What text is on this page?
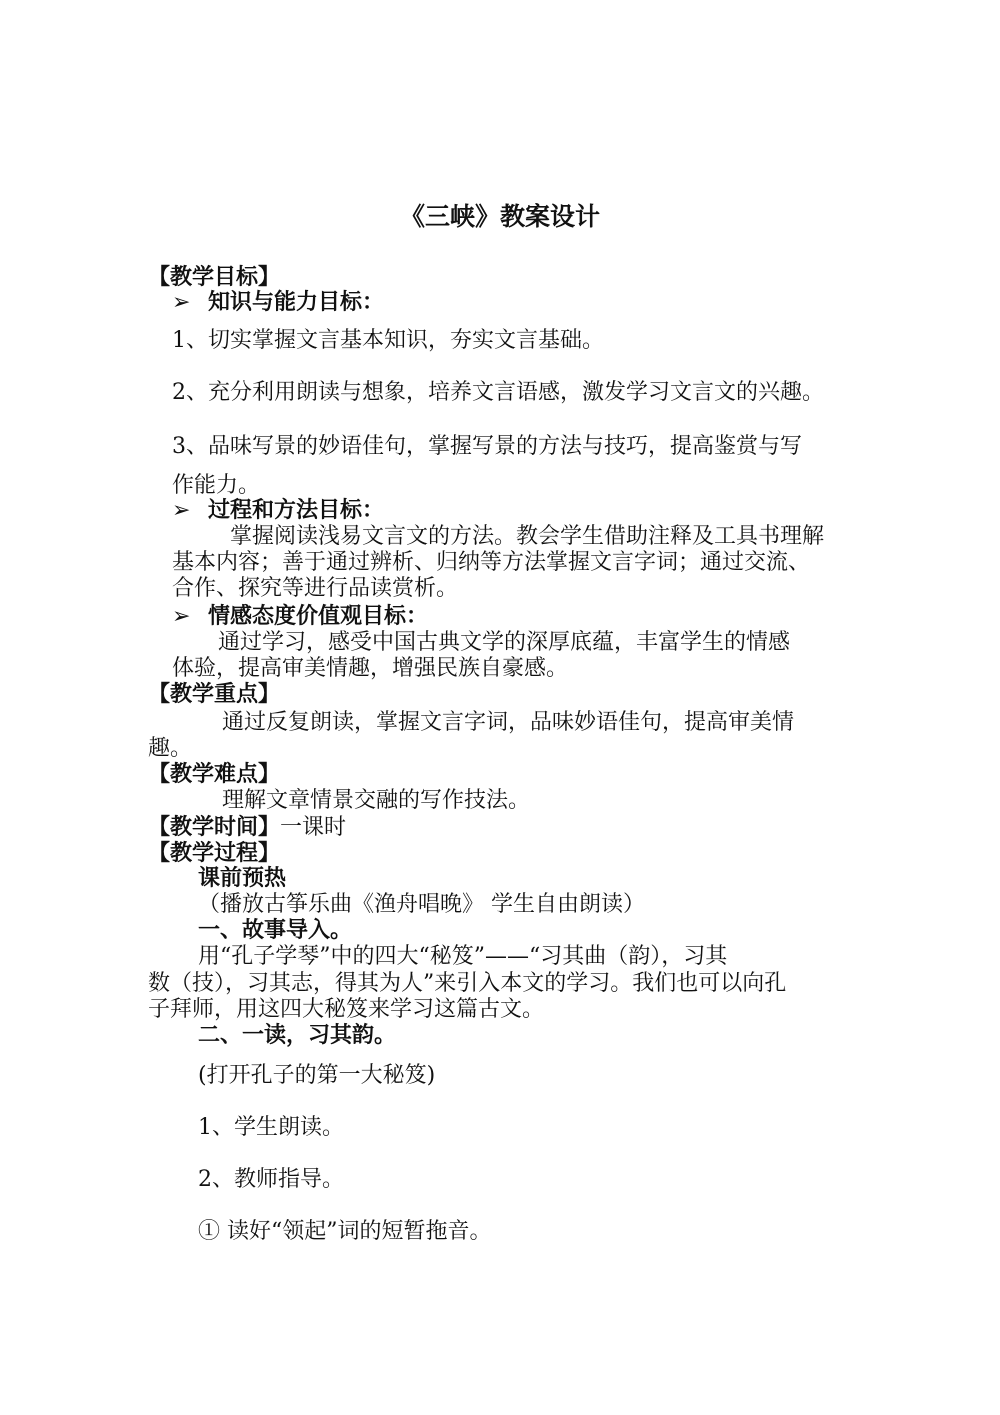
《三峡》教案设计
【教学目标】
➢ 知识与能力目标：
1、切实掌握文言基本知识，夯实文言基础。
2、充分利用朗读与想象，培养文言语感，激发学习文言文的兴趣。
3、品味写景的妙语佳句，掌握写景的方法与技巧，提高鉴赏与写
作能力。
➢ 过程和方法目标：
掌握阅读浅易文言文的方法。教会学生借助注释及工具书理解
基本内容；善于通过辨析、归纳等方法掌握文言字词；通过交流、
合作、探究等进行品读赏析。
➢ 情感态度价值观目标：
通过学习，感受中国古典文学的深厚底蕴，丰富学生的情感
体验，提高审美情趣，增强民族自豪感。
【教学重点】
通过反复朗读，掌握文言字词，品味妙语佳句，提高审美情
趣。
【教学难点】
理解文章情景交融的写作技法。
【教学时间】一课时
【教学过程】
课前预热
（播放古筝乐曲《渔舟唱晚》 学生自由朗读）
一、故事导入。
用“孔子学琴”中的四大“秘笈”——“习其曲（韵），习其
数（技），习其志，得其为人”来引入本文的学习。我们也可以向孔
子拜师，用这四大秘笈来学习这篇古文。
二、一读，习其韵。
(打开孔子的第一大秘笈)
1、学生朗读。
2、教师指导。
① 读好“领起”词的短暂拖音。
